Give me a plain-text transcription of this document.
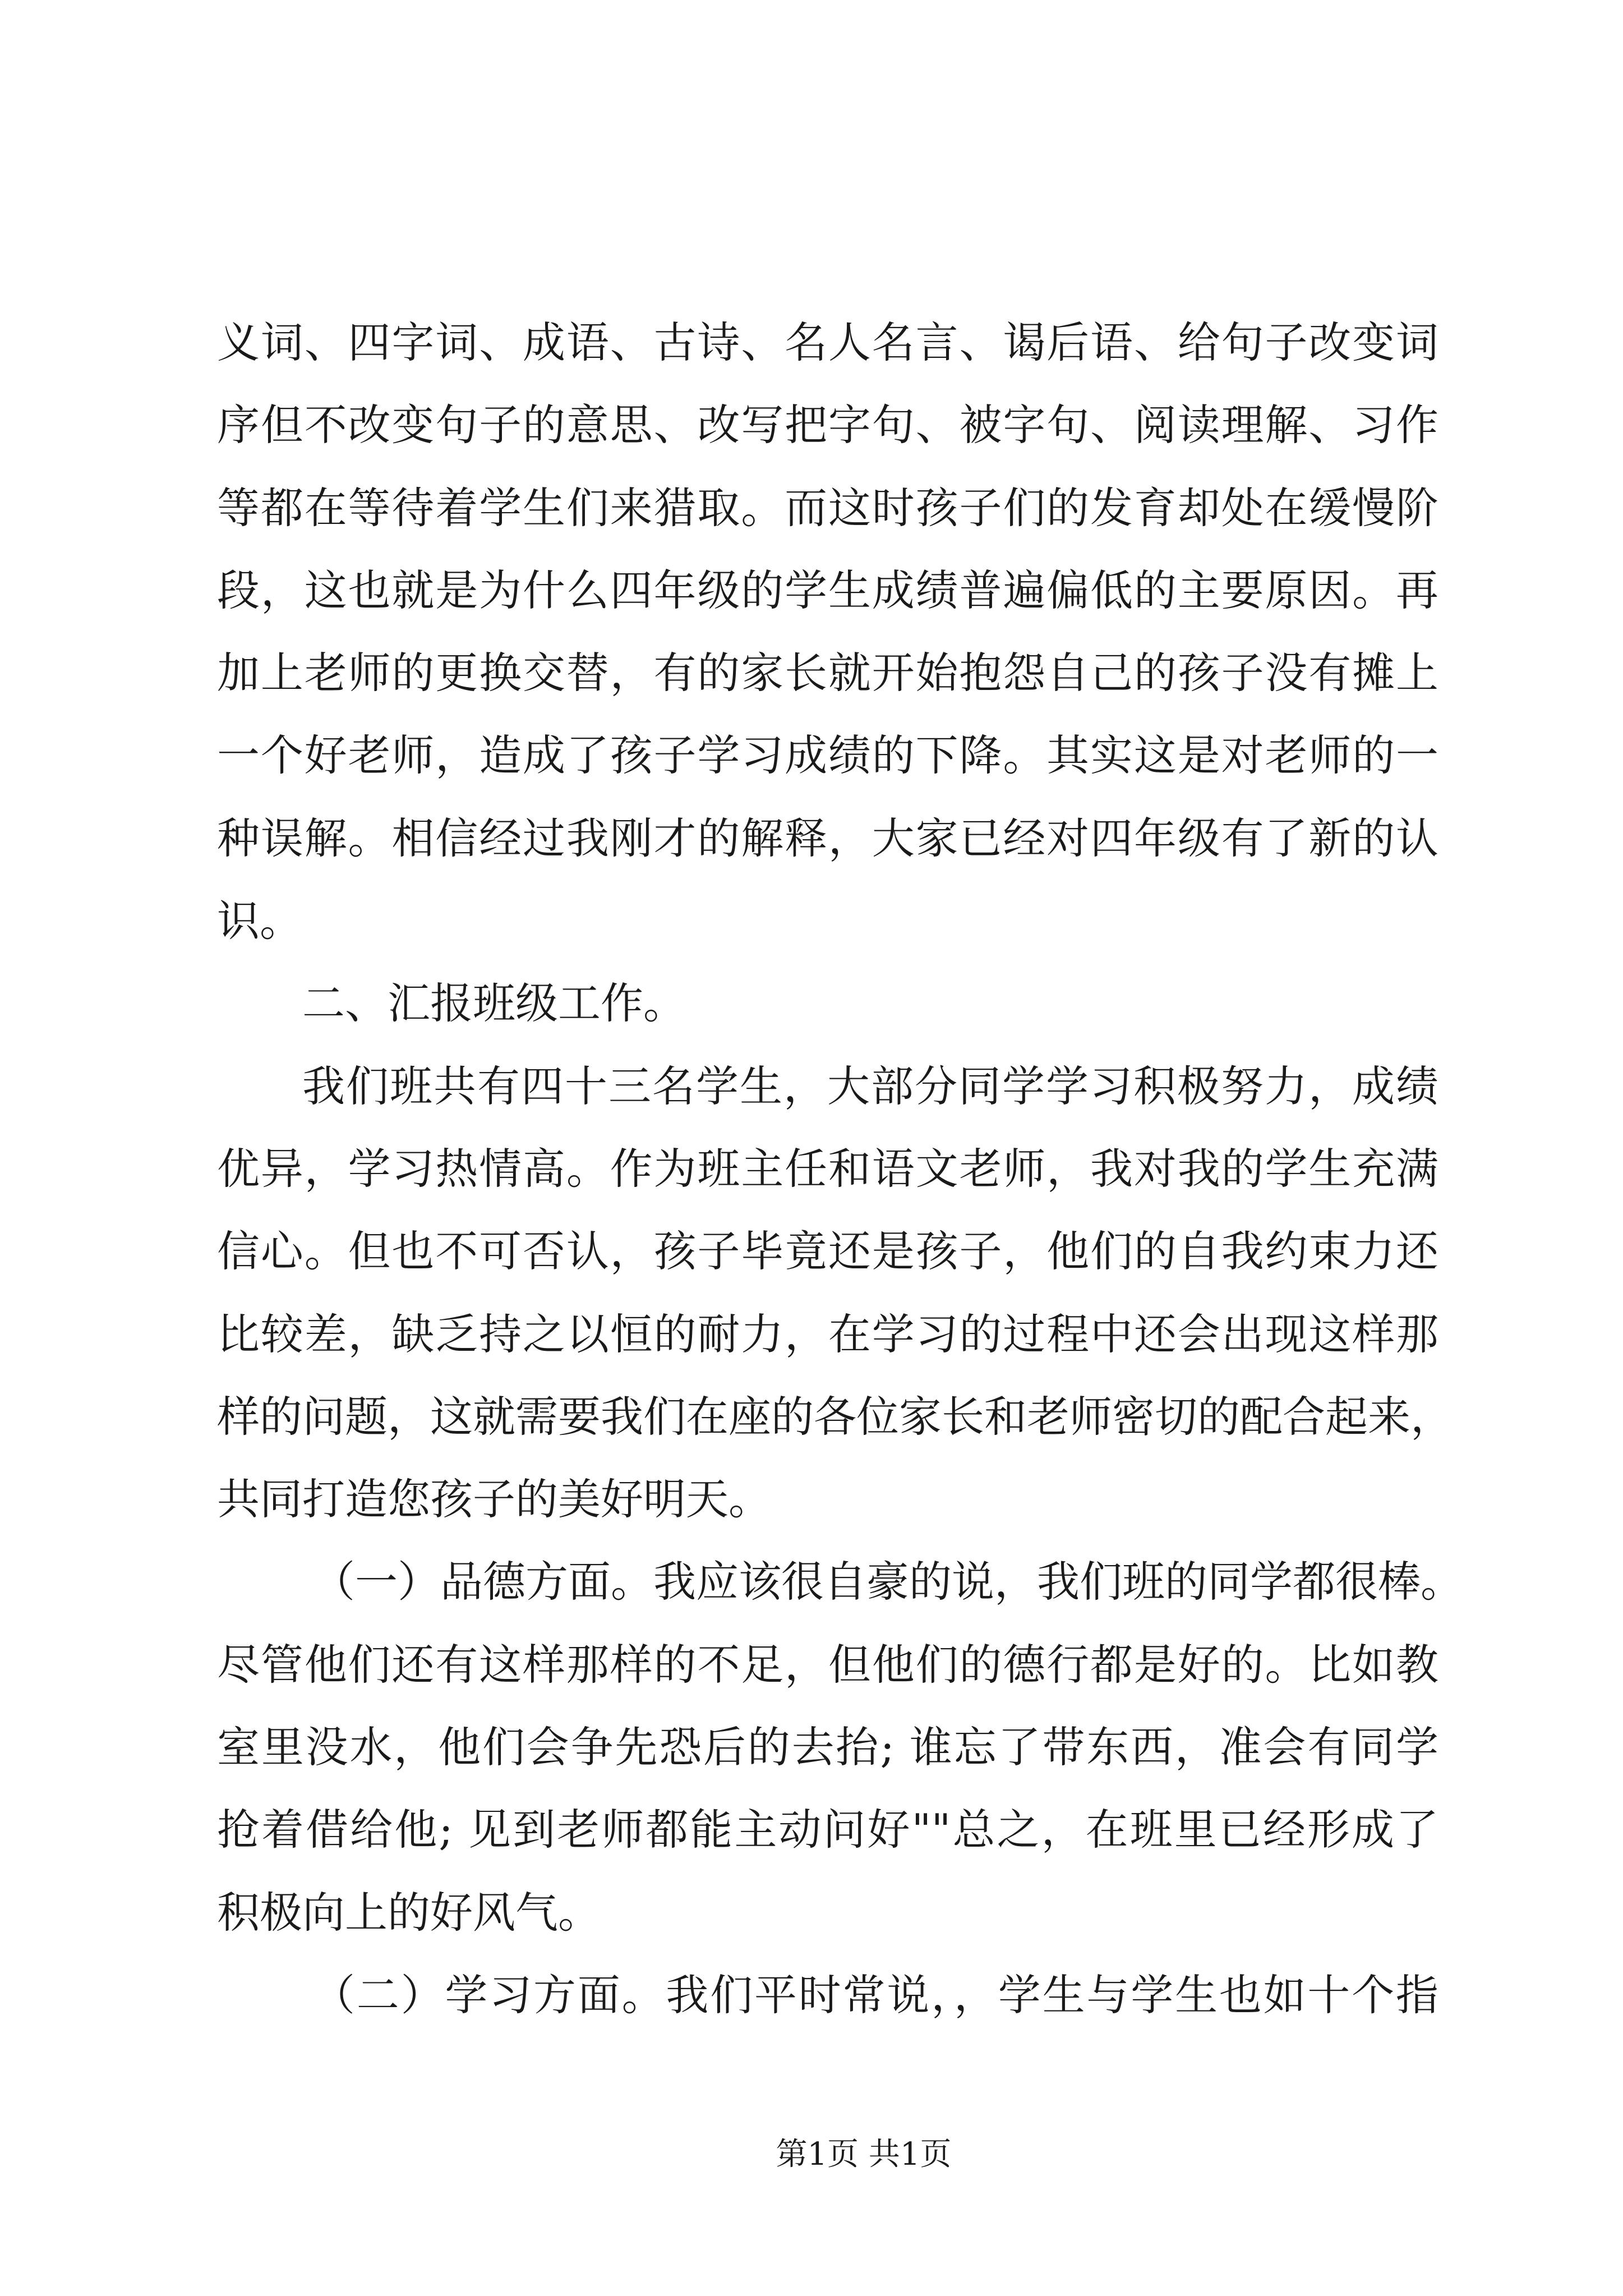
义词、四字词、成语、古诗、名人名言、谒后语、给句子改变词
序但不改变句子的意思、改写把字句、被字句、阅读理解、习作
等都在等待着学生们来猎取。而这时孩子们的发育却处在缓慢阶
段，这也就是为什么四年级的学生成绩普遍偏低的主要原因。再
加上老师的更换交替，有的家长就开始抱怨自己的孩子没有摊上
一个好老师，造成了孩子学习成绩的下降。其实这是对老师的一
种误解。相信经过我刚才的解释，大家已经对四年级有了新的认
识。
二、汇报班级工作。
我们班共有四十三名学生，大部分同学学习积极努力，成绩
优异，学习热情高。作为班主任和语文老师，我对我的学生充满
信心。但也不可否认，孩子毕竟还是孩子，他们的自我约束力还
比较差，缺乏持之以恒的耐力，在学习的过程中还会出现这样那
样的问题，这就需要我们在座的各位家长和老师密切的配合起来，
共同打造您孩子的美好明天。
（一）品德方面。我应该很自豪的说，我们班的同学都很棒。
尽管他们还有这样那样的不足，但他们的德行都是好的。比如教
室里没水，他们会争先恐后的去抬; 谁忘了带东西，准会有同学
抢着借给他; 见到老师都能主动问好""总之，在班里已经形成了
积极向上的好风气。
（二）学习方面。我们平时常说，，学生与学生也如十个指
第1页 共1页
